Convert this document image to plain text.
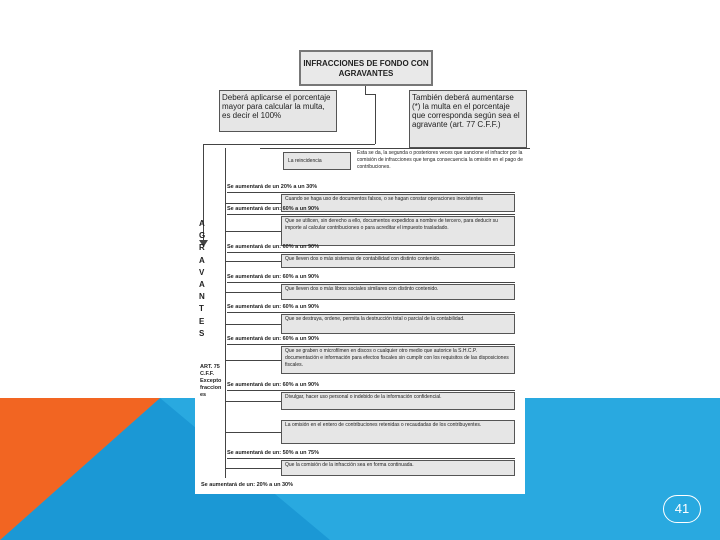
INFRACCIONES DE FONDO CON AGRAVANTES
Deberá aplicarse el porcentaje mayor para calcular la multa, es decir el 100%
También deberá aumentarse (*) la multa en el porcentaje que corresponda según sea el agravante (art. 77 C.F.F.)
La reincidencia
Esta se da, la segunda o posteriores veces que sancione el infractor por la comisión de infracciones que tenga consecuencia la omisión en el pago de contribuciones.
Se aumentará de un 20% a un 30%
Cuando se haga uso de documentos falsos, o se hagan constar operaciones inexistentes
Se aumentará de un: 60% a un 90%
Que se utilicen, sin derecho a ello, documentos expedidos a nombre de tercero, para deducir su importe al calcular contribuciones o para acreditar el impuesto trasladado.
Se aumentará de un: 60% a un 90%
Que lleven dos o más sistemas de contabilidad con distinto contenido.
Se aumentará de un: 60% a un 90%
Que lleven dos o más libros sociales similares con distinto contenido.
Se aumentará de un: 60% a un 90%
Que se destruya, ordene, permita la destrucción total o parcial de la contabilidad.
Se aumentará de un: 60% a un 90%
Que se graben o microfilmen en discos o cualquier otro medio que autorice la S.H.C.P. documentación e información para efectos fiscales sin cumplir con los requisitos de las disposiciones fiscales.
Se aumentará de un: 60% a un 90%
Divulgar, hacer uso personal o indebido de la información confidencial.
La omisión en el entero de contribuciones retenidas o recaudadas de los contribuyentes.
Se aumentará de un: 50% a un 75%
Que la comisión de la infracción sea en forma continuada.
Se aumentará de un: 20% a un 30%
A
G
R
A
V
A
N
T
E
S
ART. 75 C.F.F. Excepto fraccion es
41
